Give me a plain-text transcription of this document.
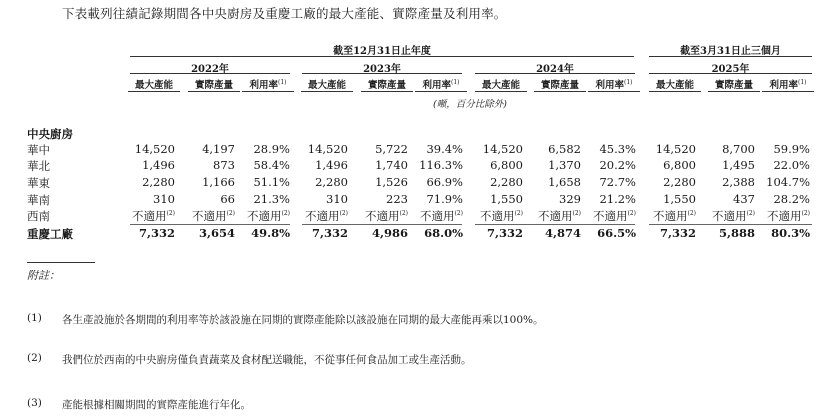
下表載列往績記錄期間各中央廚房及重慶工廠的最大產能、實際產量及利用率。
截至12月31日止年度	截至3月31日止三個月
2022年	2023年	2024年	2025年
最大產能	實際產量	利用率$^{(1)}$	最大產能	實際產量	利用率$^{(1)}$	最大產能	實際產量	利用率$^{(1)}$	最大產能	實際產量	利用率$^{(1)}$
(噸，百分比除外)
中央廚房
華中	14,520	4,197	28.9%	14,520	5,722	39.4%	14,520	6,582	45.3%	14,520	8,700	59.9%
華北	1,496	873	58.4%	1,496	1,740 116.3%	6,800	1,370	20.2%	6,800	1,495	22.0%
華東	2,280	1,166	51.1%	2,280	1,526	66.9%	2,280	1,658	72.7%	2,280	2,388 104.7%
華南	310	66	21.3%	310	223	71.9%	1,550	329	21.2%	1,550	437	28.2%
西南	不適用$^{(2)}$	不適用$^{(2)}$	不適用$^{(2)}$	不適用$^{(2)}$	不適用$^{(2)}$	不適用$^{(2)}$	不適用$^{(2)}$	不適用$^{(2)}$	不適用$^{(2)}$	不適用$^{(2)}$	不適用$^{(2)}$	不適用$^{(2)}$
重慶工廠	7,332	3,654	49.8%	7,332	4,986	68.0%	7,332	4,874	66.5%	7,332	5,888	80.3%
附註：
(1) 各生產設施於各期間的利用率等於該設施在同期的實際產能除以該設施在同期的最大產能再乘以100%。
(2) 我們位於西南的中央廚房僅負責蔬菜及食材配送職能，不從事任何食品加工或生產活動。
(3) 產能根據相關期間的實際產能進行年化。
